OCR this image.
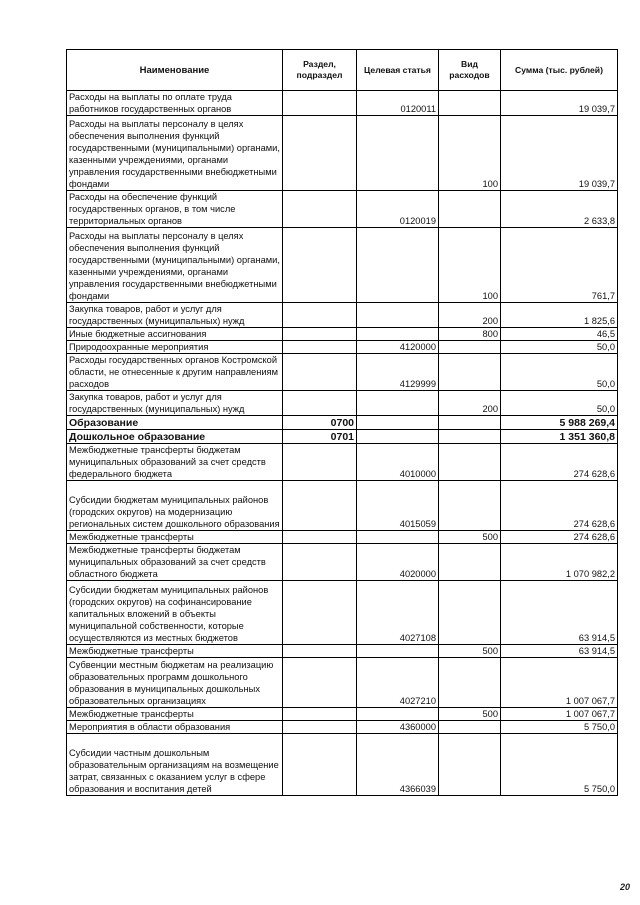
Наименование	Раздел, подраздел	Целевая статья	Вид расходов	Сумма (тыс. рублей)
Расходы на выплаты по оплате труда работников государственных органов		0120011		19 039,7
Расходы на выплаты персоналу в целях обеспечения выполнения функций государственными (муниципальными) органами, казенными учреждениями, органами управления государственными внебюджетными фондами			100	19 039,7
Расходы на обеспечение функций государственных органов, в том числе территориальных органов		0120019		2 633,8
Расходы на выплаты персоналу в целях обеспечения выполнения функций государственными (муниципальными) органами, казенными учреждениями, органами управления государственными внебюджетными фондами			100	761,7
Закупка товаров, работ и услуг для государственных (муниципальных) нужд			200	1 825,6
Иные бюджетные ассигнования			800	46,5
Природоохранные мероприятия		4120000		50,0
Расходы государственных органов Костромской области, не отнесенные к другим направлениям расходов		4129999		50,0
Закупка товаров, работ и услуг для государственных (муниципальных) нужд			200	50,0
Образование	0700			5 988 269,4
Дошкольное образование	0701			1 351 360,8
Межбюджетные трансферты бюджетам муниципальных образований за счет средств федерального бюджета		4010000		274 628,6
Субсидии бюджетам муниципальных районов (городских округов) на модернизацию региональных систем дошкольного образования		4015059		274 628,6
Межбюджетные трансферты			500	274 628,6
Межбюджетные трансферты бюджетам муниципальных образований за счет средств областного бюджета		4020000		1 070 982,2
Субсидии бюджетам муниципальных районов (городских округов) на софинансирование капитальных вложений в объекты муниципальной собственности, которые осуществляются из местных бюджетов		4027108		63 914,5
Межбюджетные трансферты			500	63 914,5
Субвенции местным бюджетам на реализацию образовательных программ дошкольного образования в муниципальных дошкольных образовательных организациях		4027210		1 007 067,7
Межбюджетные трансферты			500	1 007 067,7
Мероприятия в области образования		4360000		5 750,0
Субсидии частным дошкольным образовательным организациям на возмещение затрат, связанных с оказанием услуг в сфере образования и воспитания детей		4366039		5 750,0
20
